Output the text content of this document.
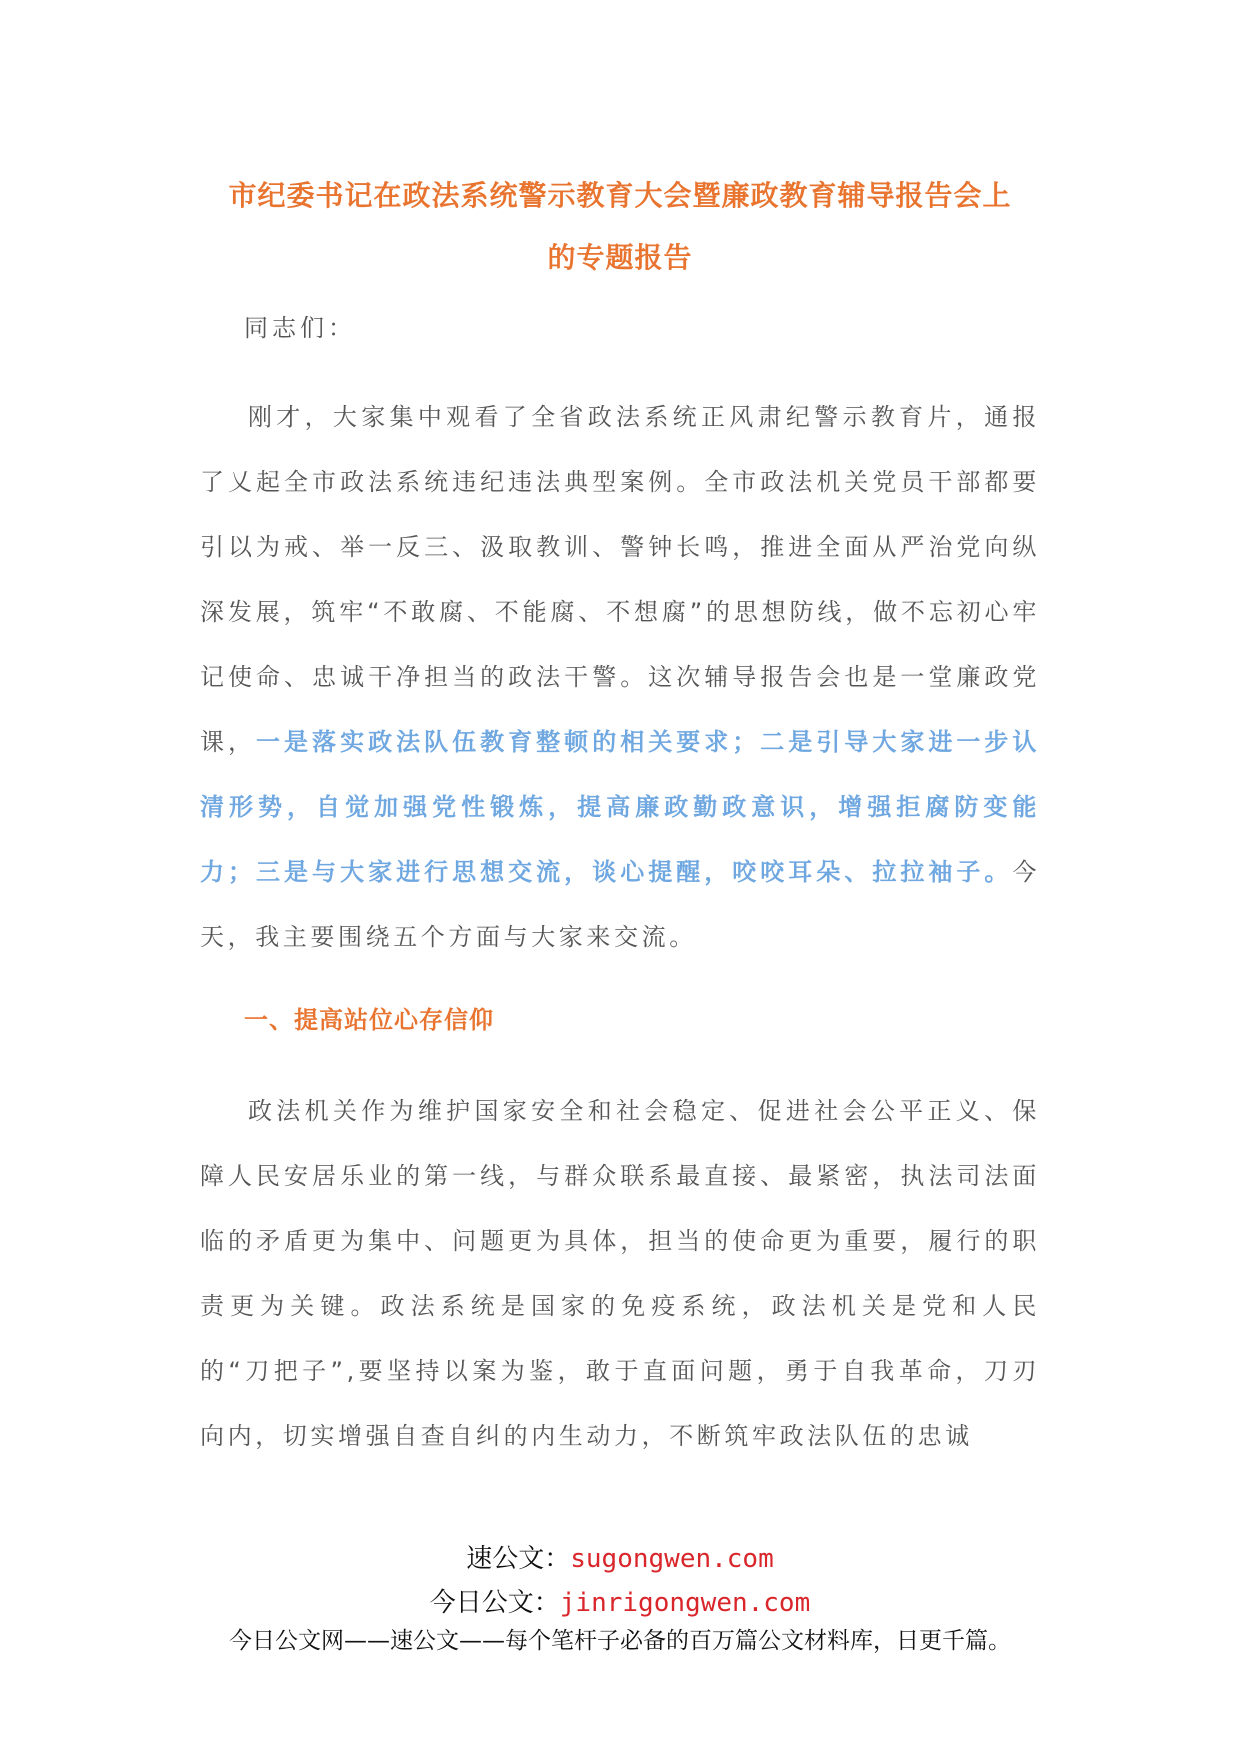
市纪委书记在政法系统警示教育大会暨廉政教育辅导报告会上
的专题报告
同志们：
刚才，大家集中观看了全省政法系统正风肃纪警示教育片，通报了乂起全市政法系统违纪违法典型案例。全市政法机关党员干部都要引以为戒、举一反三、汲取教训、警钟长鸣，推进全面从严治党向纵深发展，筑牢“不敢腐、不能腐、不想腐”的思想防线，做不忘初心牢记使命、忠诚干净担当的政法干警。这次辅导报告会也是一堂廉政党课，一是落实政法队伍教育整顿的相关要求；二是引导大家进一步认清形势，自觉加强党性锻炼，提高廉政勤政意识，增强拒腐防变能力；三是与大家进行思想交流，谈心提醒，咬咬耳朵、拉拉袖子。今天，我主要围绕五个方面与大家来交流。
一、提高站位心存信仰
政法机关作为维护国家安全和社会稳定、促进社会公平正义、保障人民安居乐业的第一线，与群众联系最直接、最紧密，执法司法面临的矛盾更为集中、问题更为具体，担当的使命更为重要，履行的职责更为关键。政法系统是国家的免疫系统，政法机关是党和人民的“刀把子”,要坚持以案为鉴，敢于直面问题，勇于自我革命，刀刃向内，切实增强自查自纠的内生动力，不断筑牢政法队伍的忠诚
速公文：sugongwen.com
今日公文：jinrigongwen.com
今日公文网——速公文——每个笔杆子必备的百万篇公文材料库，日更千篇。
